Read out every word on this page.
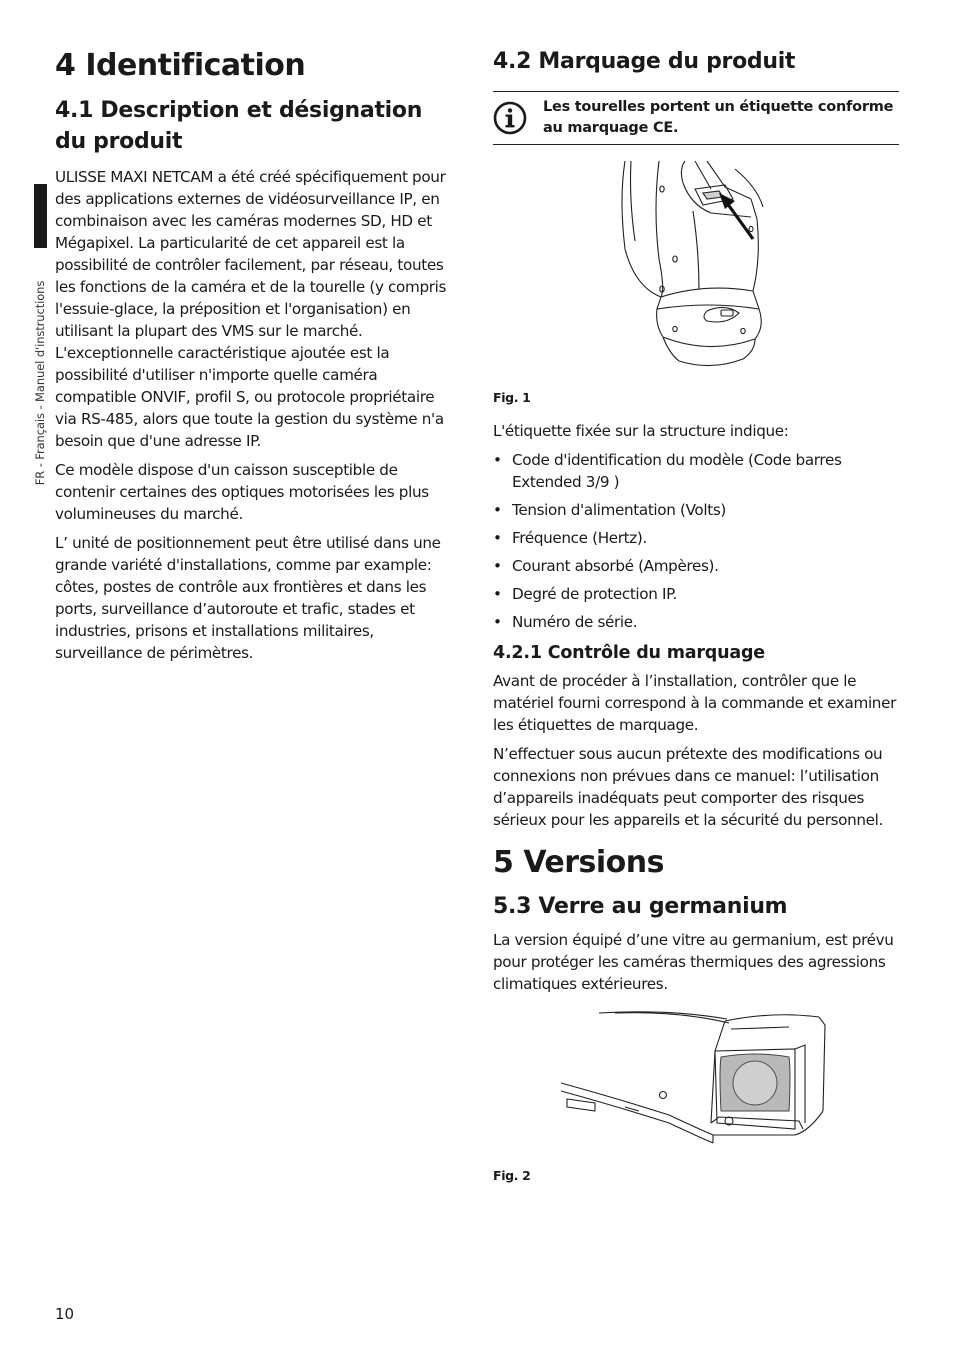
FR - Français - Manuel d'instructions
4 Identification
4.1 Description et désignation du produit

ULISSE MAXI NETCAM a été créé spécifiquement pour des applications externes de vidéosurveillance IP, en combinaison avec les caméras modernes SD, HD et Mégapixel. La particularité de cet appareil est la possibilité de contrôler facilement, par réseau, toutes les fonctions de la caméra et de la tourelle (y compris l'essuie-glace, la préposition et l'organisation) en utilisant la plupart des VMS sur le marché. L'exceptionnelle caractéristique ajoutée est la possibilité d'utiliser n'importe quelle caméra compatible ONVIF, profil S, ou protocole propriétaire via RS-485, alors que toute la gestion du système n'a besoin que d'une adresse IP.

Ce modèle dispose d'un caisson susceptible de contenir certaines des optiques motorisées les plus volumineuses du marché.

L’ unité de positionnement peut être utilisé dans une grande variété d'installations, comme par example: côtes, postes de contrôle aux frontières et dans les ports, surveillance d’autoroute et trafic, stades et industries, prisons et installations militaires, surveillance de périmètres.

4.2 Marquage du produit
Les tourelles portent un étiquette conforme au marquage CE.

Fig. 1

L'étiquette fixée sur la structure indique:

• Code d'identification du modèle (Code barres Extended 3/9 )
• Tension d'alimentation (Volts)
• Fréquence (Hertz).
• Courant absorbé (Ampères).
• Degré de protection IP.
• Numéro de série.
4.2.1 Contrôle du marquage

Avant de procéder à l’installation, contrôler que le matériel fourni correspond à la commande et examiner les étiquettes de marquage.

N’effectuer sous aucun prétexte des modifications ou connexions non prévues dans ce manuel: l’utilisation d’appareils inadéquats peut comporter des risques sérieux pour les appareils et la sécurité du personnel.

5 Versions
5.3 Verre au germanium

La version équipé d’une vitre au germanium, est prévu pour protéger les caméras thermiques des agressions climatiques extérieures.

Fig. 2

10
